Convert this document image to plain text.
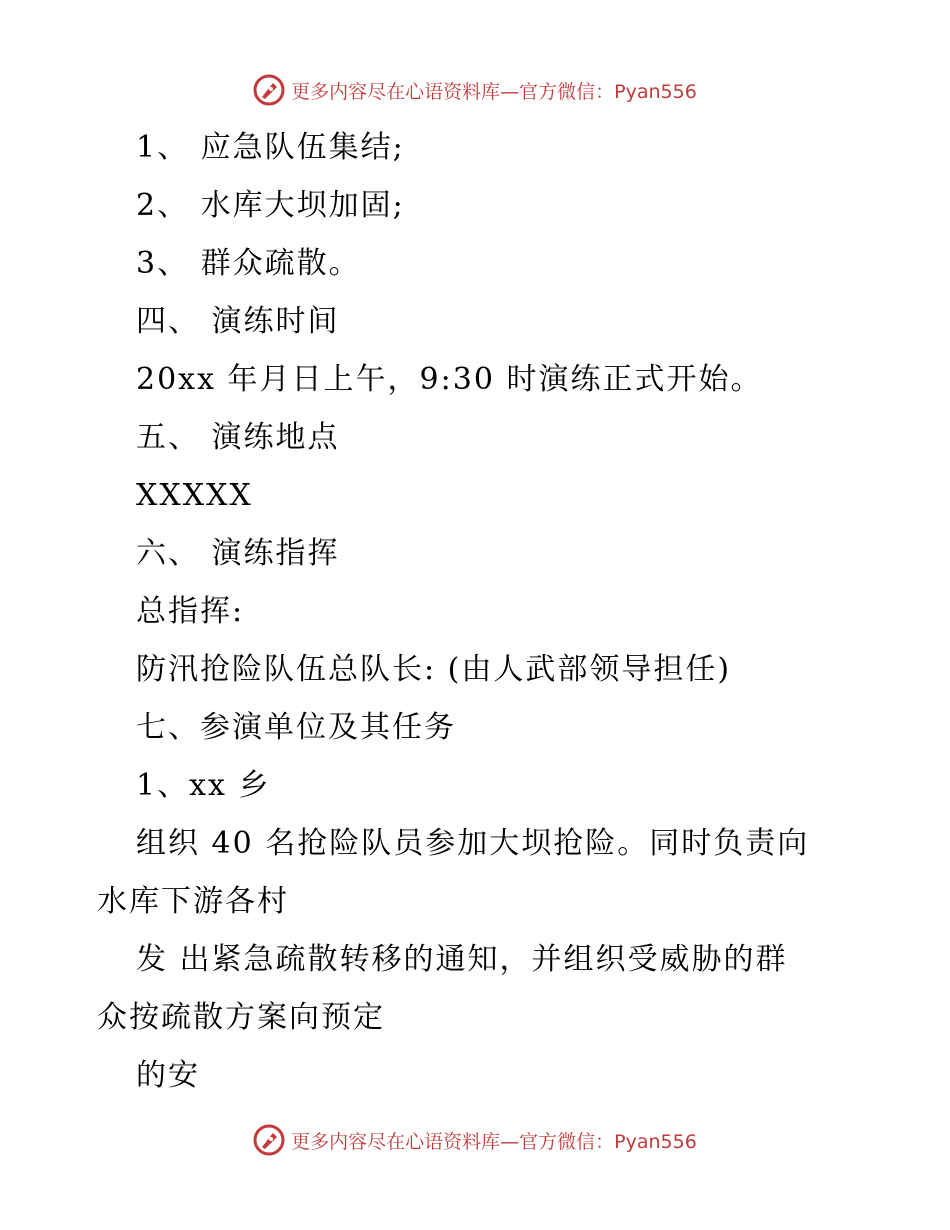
更多内容尽在心语资料库—官方微信：Pyan556
1、 应急队伍集结;
2、 水库大坝加固;
3、 群众疏散。
四、 演练时间
20xx 年月日上午，9:30 时演练正式开始。
五、 演练地点
XXXXX
六、 演练指挥
总指挥:
防汛抢险队伍总队长: (由人武部领导担任)
七、参演单位及其任务
1、xx 乡
组织 40 名抢险队员参加大坝抢险。同时负责向
水库下游各村
发 出紧急疏散转移的通知，并组织受威胁的群
众按疏散方案向预定
的安
更多内容尽在心语资料库—官方微信：Pyan556
